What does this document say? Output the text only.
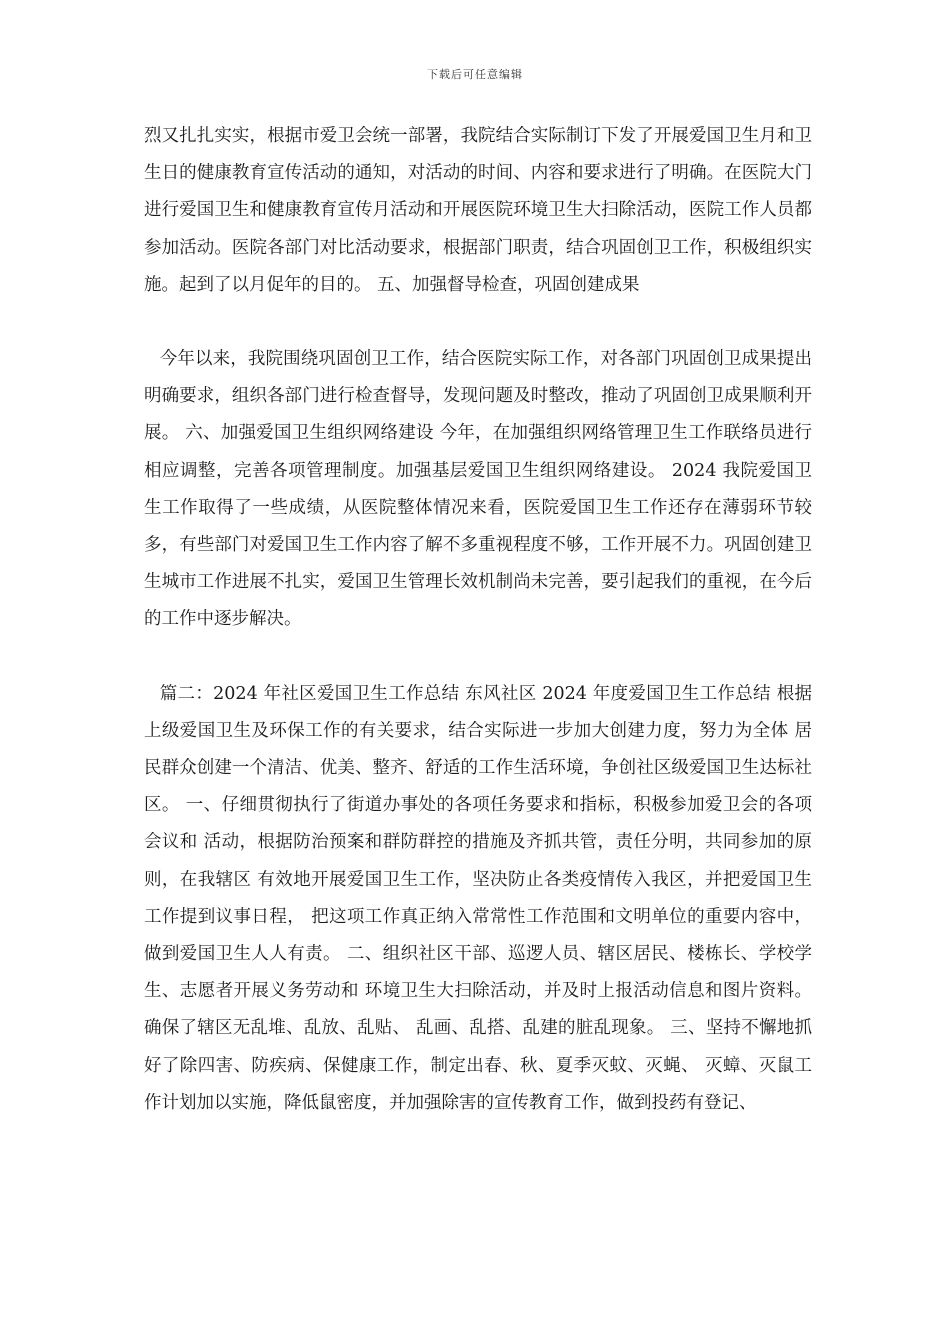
下载后可任意编辑

烈又扎扎实实，根据市爱卫会统一部署，我院结合实际制订下发了开展爱国卫生月和卫生日的健康教育宣传活动的通知，对活动的时间、内容和要求进行了明确。在医院大门进行爱国卫生和健康教育宣传月活动和开展医院环境卫生大扫除活动，医院工作人员都参加活动。医院各部门对比活动要求，根据部门职责，结合巩固创卫工作，积极组织实施。起到了以月促年的目的。 五、加强督导检查，巩固创建成果

今年以来，我院围绕巩固创卫工作，结合医院实际工作，对各部门巩固创卫成果提出明确要求，组织各部门进行检查督导，发现问题及时整改，推动了巩固创卫成果顺利开展。 六、加强爱国卫生组织网络建设 今年，在加强组织网络管理卫生工作联络员进行相应调整，完善各项管理制度。加强基层爱国卫生组织网络建设。 2024 我院爱国卫生工作取得了一些成绩，从医院整体情况来看，医院爱国卫生工作还存在薄弱环节较多，有些部门对爱国卫生工作内容了解不多重视程度不够，工作开展不力。巩固创建卫生城市工作进展不扎实，爱国卫生管理长效机制尚未完善，要引起我们的重视，在今后的工作中逐步解决。

篇二：2024 年社区爱国卫生工作总结 东风社区 2024 年度爱国卫生工作总结 根据上级爱国卫生及环保工作的有关要求，结合实际进一步加大创建力度，努力为全体 居民群众创建一个清洁、优美、整齐、舒适的工作生活环境，争创社区级爱国卫生达标社区。 一、仔细贯彻执行了街道办事处的各项任务要求和指标，积极参加爱卫会的各项会议和 活动，根据防治预案和群防群控的措施及齐抓共管，责任分明，共同参加的原则，在我辖区 有效地开展爱国卫生工作，坚决防止各类疫情传入我区，并把爱国卫生工作提到议事日程， 把这项工作真正纳入常常性工作范围和文明单位的重要内容中，做到爱国卫生人人有责。 二、组织社区干部、巡逻人员、辖区居民、楼栋长、学校学生、志愿者开展义务劳动和 环境卫生大扫除活动，并及时上报活动信息和图片资料。确保了辖区无乱堆、乱放、乱贴、 乱画、乱搭、乱建的脏乱现象。 三、坚持不懈地抓好了除四害、防疾病、保健康工作，制定出春、秋、夏季灭蚊、灭蝇、 灭蟑、灭鼠工作计划加以实施，降低鼠密度，并加强除害的宣传教育工作，做到投药有登记、
